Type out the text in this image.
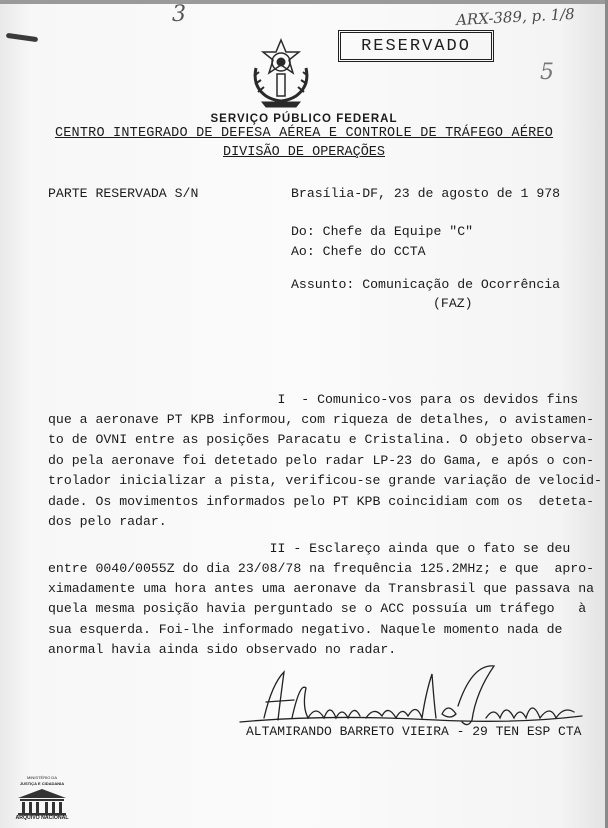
3	ARX-389, p. 1/8
5
RESERVADO
SERVIÇO PÚBLICO FEDERAL
CENTRO INTEGRADO DE DEFESA AÉREA E CONTROLE DE TRÁFEGO AÉREO
DIVISÃO DE OPERAÇÕES
PARTE RESERVADA S/N	Brasília-DF, 23 de agosto de 1 978
Do: Chefe da Equipe "C"
Ao: Chefe do CCTA
Assunto: Comunicação de Ocorrência
(FAZ)
I  - Comunico-vos para os devidos fins
que a aeronave PT KPB informou, com riqueza de detalhes, o avistamen-
to de OVNI entre as posições Paracatu e Cristalina. O objeto observa-
do pela aeronave foi detetado pelo radar LP-23 do Gama, e após o con-
trolador inicializar a pista, verificou-se grande variação de velocid-
dade. Os movimentos informados pelo PT KPB coincidiam com os  deteta-
dos pelo radar.
II - Esclareço ainda que o fato se deu
entre 0040/0055Z do dia 23/08/78 na frequência 125.2MHz; e que  apro-
ximadamente uma hora antes uma aeronave da Transbrasil que passava na
quela mesma posição havia perguntado se o ACC possuía um tráfego   à
sua esquerda. Foi-lhe informado negativo. Naquele momento nada de
anormal havia ainda sido observado no radar.
ALTAMIRANDO BARRETO VIEIRA - 29 TEN ESP CTA
MINISTÉRIO DA
JUSTIÇA E CIDADANIA
ARQUIVO NACIONAL
